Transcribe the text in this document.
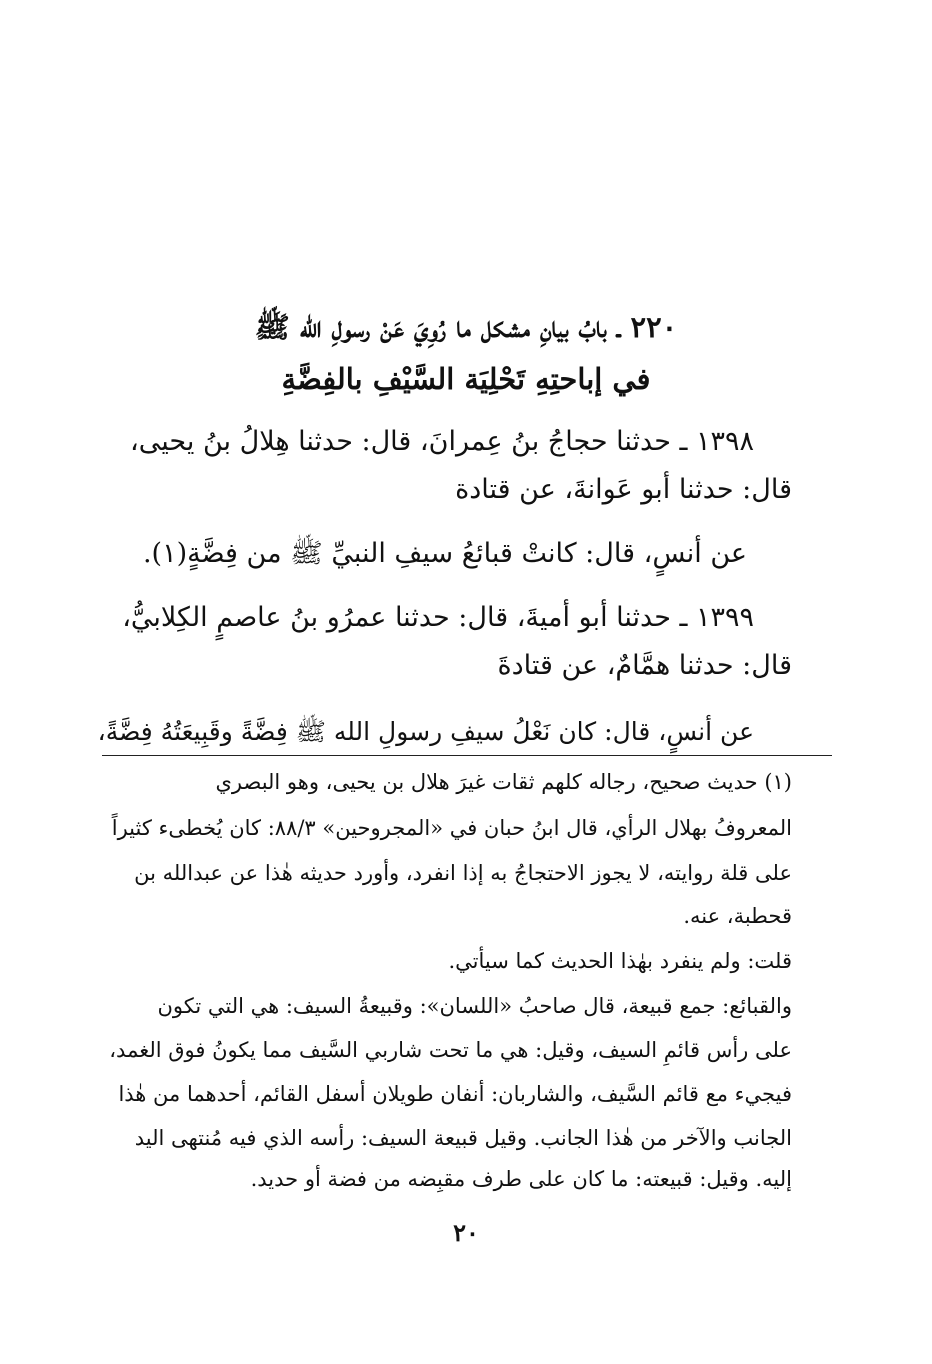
٢٢٠ ـ بابُ بيانِ مشكل ما رُوِيَ عَنْ رسولِ الله ﷺ
في إباحتِهِ تَحْلِيَة السَّيْفِ بالفِضَّةِ
١٣٩٨ ـ حدثنا حجاجُ بنُ عِمرانَ، قال: حدثنا هِلالُ بنُ يحيى،
قال: حدثنا أبو عَوانةَ، عن قتادة
عن أنسٍ، قال: كانتْ قبائعُ سيفِ النبيِّ ﷺ من فِضَّةٍ(١).
١٣٩٩ ـ حدثنا أبو أميةَ، قال: حدثنا عمرُو بنُ عاصمٍ الكِلابيُّ،
قال: حدثنا همَّامٌ، عن قتادةَ
عن أنسٍ، قال: كان نَعْلُ سيفِ رسولِ الله ﷺ فِضَّةً وقَبِيعَتُهُ فِضَّةً،
(١) حديث صحيح، رجاله كلهم ثقات غيرَ هلال بن يحيى، وهو البصري
المعروفُ بهلال الرأي، قال ابنُ حبان في «المجروحين» ٨٨/٣: كان يُخطىء كثيراً
على قلة روايته، لا يجوز الاحتجاجُ به إذا انفرد، وأورد حديثه هٰذا عن عبدالله بن
قحطبة، عنه.
قلت: ولم ينفرد بهٰذا الحديث كما سيأتي.
والقبائع: جمع قبيعة، قال صاحبُ «اللسان»: وقبيعةُ السيف: هي التي تكون
على رأس قائمِ السيف، وقيل: هي ما تحت شاربي السَّيف مما يكونُ فوق الغمد،
فيجيء مع قائم السَّيف، والشاربان: أنفان طويلان أسفل القائم، أحدهما من هٰذا
الجانب والآخر من هٰذا الجانب. وقيل قبيعة السيف: رأسه الذي فيه مُنتهى اليد
إليه. وقيل: قبيعته: ما كان على طرف مقبِضه من فضة أو حديد.
٢٠
